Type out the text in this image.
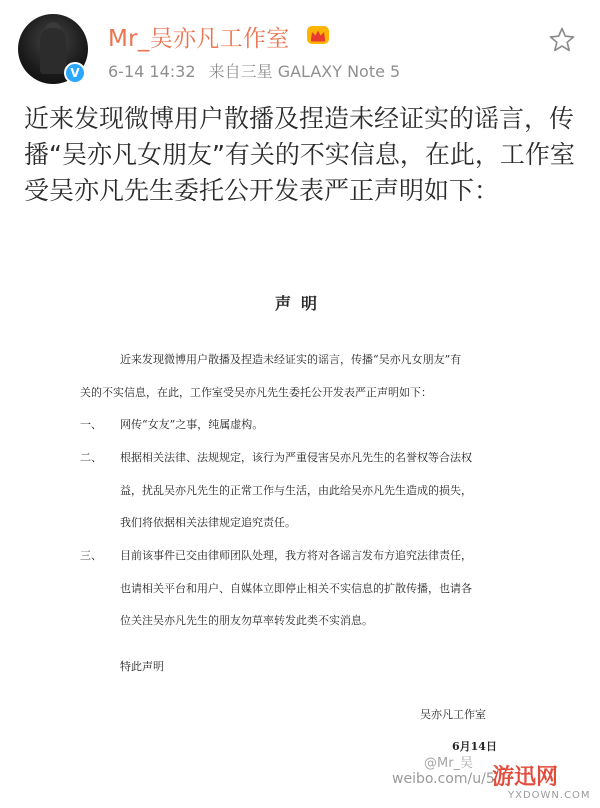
V
Mr_吴亦凡工作室
6-14 14:32 来自三星 GALAXY Note 5
近来发现微博用户散播及捏造未经证实的谣言，传播“吴亦凡女朋友”有关的不实信息，在此，工作室受吴亦凡先生委托公开发表严正声明如下：
声明
近来发现微博用户散播及捏造未经证实的谣言，传播“吴亦凡女朋友”有
关的不实信息，在此，工作室受吴亦凡先生委托公开发表严正声明如下：
一、 网传“女友”之事，纯属虚构。
二、 根据相关法律、法规规定，该行为严重侵害吴亦凡先生的名誉权等合法权
益，扰乱吴亦凡先生的正常工作与生活，由此给吴亦凡先生造成的损失，
我们将依据相关法律规定追究责任。
三、 目前该事件已交由律师团队处理，我方将对各谣言发布方追究法律责任，
也请相关平台和用户、自媒体立即停止相关不实信息的扩散传播，也请各
位关注吴亦凡先生的朋友勿草率转发此类不实消息。
特此声明
吴亦凡工作室
6月14日
@Mr_吴
weibo.com/u/5
游迅网
YXDOWN.COM
